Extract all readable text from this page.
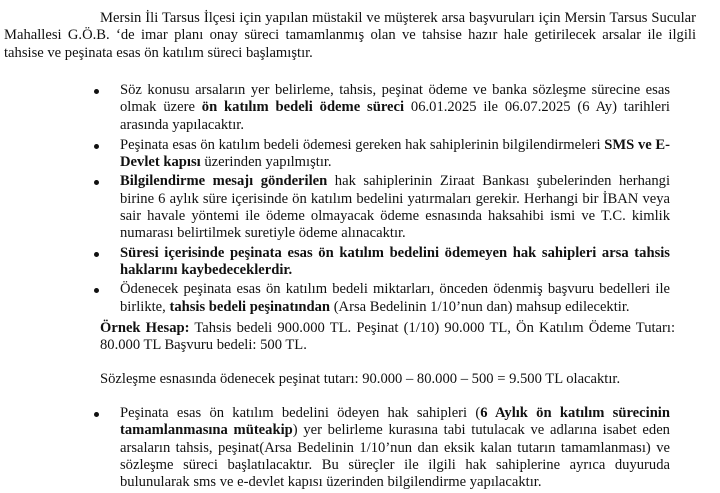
Mersin İli Tarsus İlçesi için yapılan müstakil ve müşterek arsa başvuruları için Mersin Tarsus Sucular Mahallesi G.Ö.B. ‘de imar planı onay süreci tamamlanmış olan ve tahsise hazır hale getirilecek arsalar ile ilgili tahsise ve peşinata esas ön katılım süreci başlamıştır.

Söz konusu arsaların yer belirleme, tahsis, peşinat ödeme ve banka sözleşme sürecine esas olmak üzere ön katılım bedeli ödeme süreci 06.01.2025 ile 06.07.2025 (6 Ay) tarihleri arasında yapılacaktır.
Peşinata esas ön katılım bedeli ödemesi gereken hak sahiplerinin bilgilendirmeleri SMS ve E-Devlet kapısı üzerinden yapılmıştır.
Bilgilendirme mesajı gönderilen hak sahiplerinin Ziraat Bankası şubelerinden herhangi birine 6 aylık süre içerisinde ön katılım bedelini yatırmaları gerekir. Herhangi bir İBAN veya sair havale yöntemi ile ödeme olmayacak ödeme esnasında haksahibi ismi ve T.C. kimlik numarası belirtilmek suretiyle ödeme alınacaktır.
Süresi içerisinde peşinata esas ön katılım bedelini ödemeyen hak sahipleri arsa tahsis haklarını kaybedeceklerdir.
Ödenecek peşinata esas ön katılım bedeli miktarları, önceden ödenmiş başvuru bedelleri ile birlikte, tahsis bedeli peşinatından (Arsa Bedelinin 1/10’nun dan) mahsup edilecektir.

Örnek Hesap: Tahsis bedeli 900.000 TL. Peşinat (1/10) 90.000 TL, Ön Katılım Ödeme Tutarı: 80.000 TL Başvuru bedeli: 500 TL.

Sözleşme esnasında ödenecek peşinat tutarı: 90.000 – 80.000 – 500 = 9.500 TL olacaktır.

Peşinata esas ön katılım bedelini ödeyen hak sahipleri (6 Aylık ön katılım sürecinin tamamlanmasına müteakip) yer belirleme kurasına tabi tutulacak ve adlarına isabet eden arsaların tahsis, peşinat(Arsa Bedelinin 1/10’nun dan eksik kalan tutarın tamamlanması) ve sözleşme süreci başlatılacaktır. Bu süreçler ile ilgili hak sahiplerine ayrıca duyuruda bulunularak sms ve e-devlet kapısı üzerinden bilgilendirme yapılacaktır.
